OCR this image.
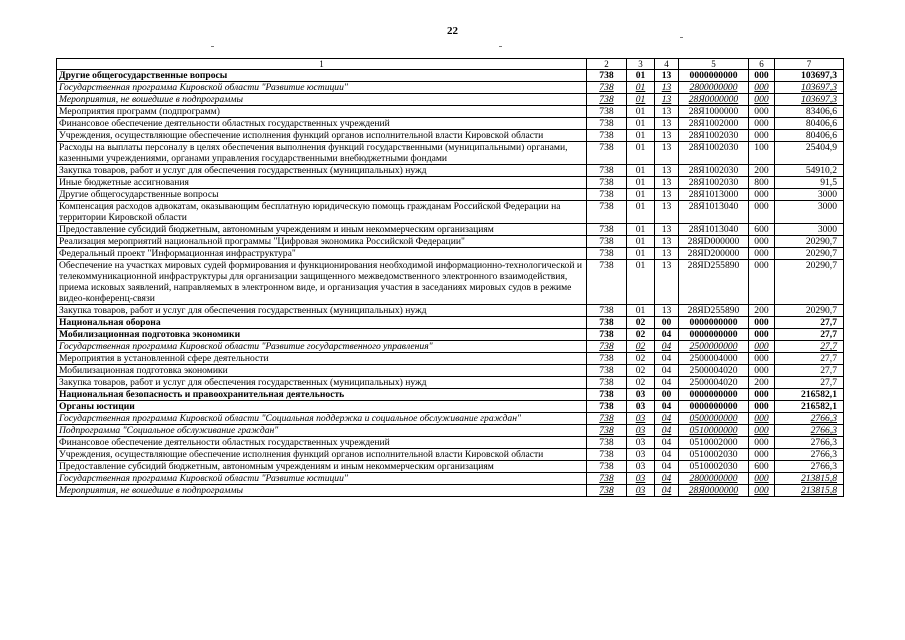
22
1	2	3	4	5	6	7
Другие общегосударственные вопросы	738	01	13	0000000000	000	103697,3
Государственная программа Кировской области "Развитие юстиции"	738	01	13	2800000000	000	103697,3
Мероприятия, не вошедшие в подпрограммы	738	01	13	28Я0000000	000	103697,3
Мероприятия программ (подпрограмм)	738	01	13	28Я1000000	000	83406,6
Финансовое обеспечение деятельности областных государственных учреждений	738	01	13	28Я1002000	000	80406,6
Учреждения, осуществляющие обеспечение исполнения функций органов исполнительной власти Кировской области	738	01	13	28Я1002030	000	80406,6
Расходы на выплаты персоналу в целях обеспечения выполнения функций государственными (муниципальными) органами, казенными учреждениями, органами управления государственными внебюджетными фондами	738	01	13	28Я1002030	100	25404,9
Закупка товаров, работ и услуг для обеспечения государственных (муниципальных) нужд	738	01	13	28Я1002030	200	54910,2
Иные бюджетные ассигнования	738	01	13	28Я1002030	800	91,5
Другие общегосударственные вопросы	738	01	13	28Я1013000	000	3000
Компенсация расходов адвокатам, оказывающим бесплатную юридическую помощь гражданам Российской Федерации на территории Кировской области	738	01	13	28Я1013040	000	3000
Предоставление субсидий бюджетным, автономным учреждениям и иным некоммерческим организациям	738	01	13	28Я1013040	600	3000
Реализация мероприятий национальной программы "Цифровая экономика Российской Федерации"	738	01	13	28ЯD000000	000	20290,7
Федеральный проект "Информационная инфраструктура"	738	01	13	28ЯD200000	000	20290,7
Обеспечение на участках мировых судей формирования и функционирования необходимой информационно-технологической и телекоммуникационной инфраструктуры для организации защищенного межведомственного электронного взаимодействия, приема исковых заявлений, направляемых в электронном виде, и организация участия в заседаниях мировых судов в режиме видео-конференц-связи	738	01	13	28ЯD255890	000	20290,7
Закупка товаров, работ и услуг для обеспечения государственных (муниципальных) нужд	738	01	13	28ЯD255890	200	20290,7
Национальная оборона	738	02	00	0000000000	000	27,7
Мобилизационная подготовка экономики	738	02	04	0000000000	000	27,7
Государственная программа Кировской области "Развитие государственного управления"	738	02	04	2500000000	000	27,7
Мероприятия в установленной сфере деятельности	738	02	04	2500004000	000	27,7
Мобилизационная подготовка экономики	738	02	04	2500004020	000	27,7
Закупка товаров, работ и услуг для обеспечения государственных (муниципальных) нужд	738	02	04	2500004020	200	27,7
Национальная безопасность и правоохранительная деятельность	738	03	00	0000000000	000	216582,1
Органы юстиции	738	03	04	0000000000	000	216582,1
Государственная программа Кировской области "Социальная поддержка и социальное обслуживание граждан"	738	03	04	0500000000	000	2766,3
Подпрограмма "Социальное обслуживание граждан"	738	03	04	0510000000	000	2766,3
Финансовое обеспечение деятельности областных государственных учреждений	738	03	04	0510002000	000	2766,3
Учреждения, осуществляющие обеспечение исполнения функций органов исполнительной власти Кировской области	738	03	04	0510002030	000	2766,3
Предоставление субсидий бюджетным, автономным учреждениям и иным некоммерческим организациям	738	03	04	0510002030	600	2766,3
Государственная программа Кировской области "Развитие юстиции"	738	03	04	2800000000	000	213815,8
Мероприятия, не вошедшие в подпрограммы	738	03	04	28Я0000000	000	213815,8
